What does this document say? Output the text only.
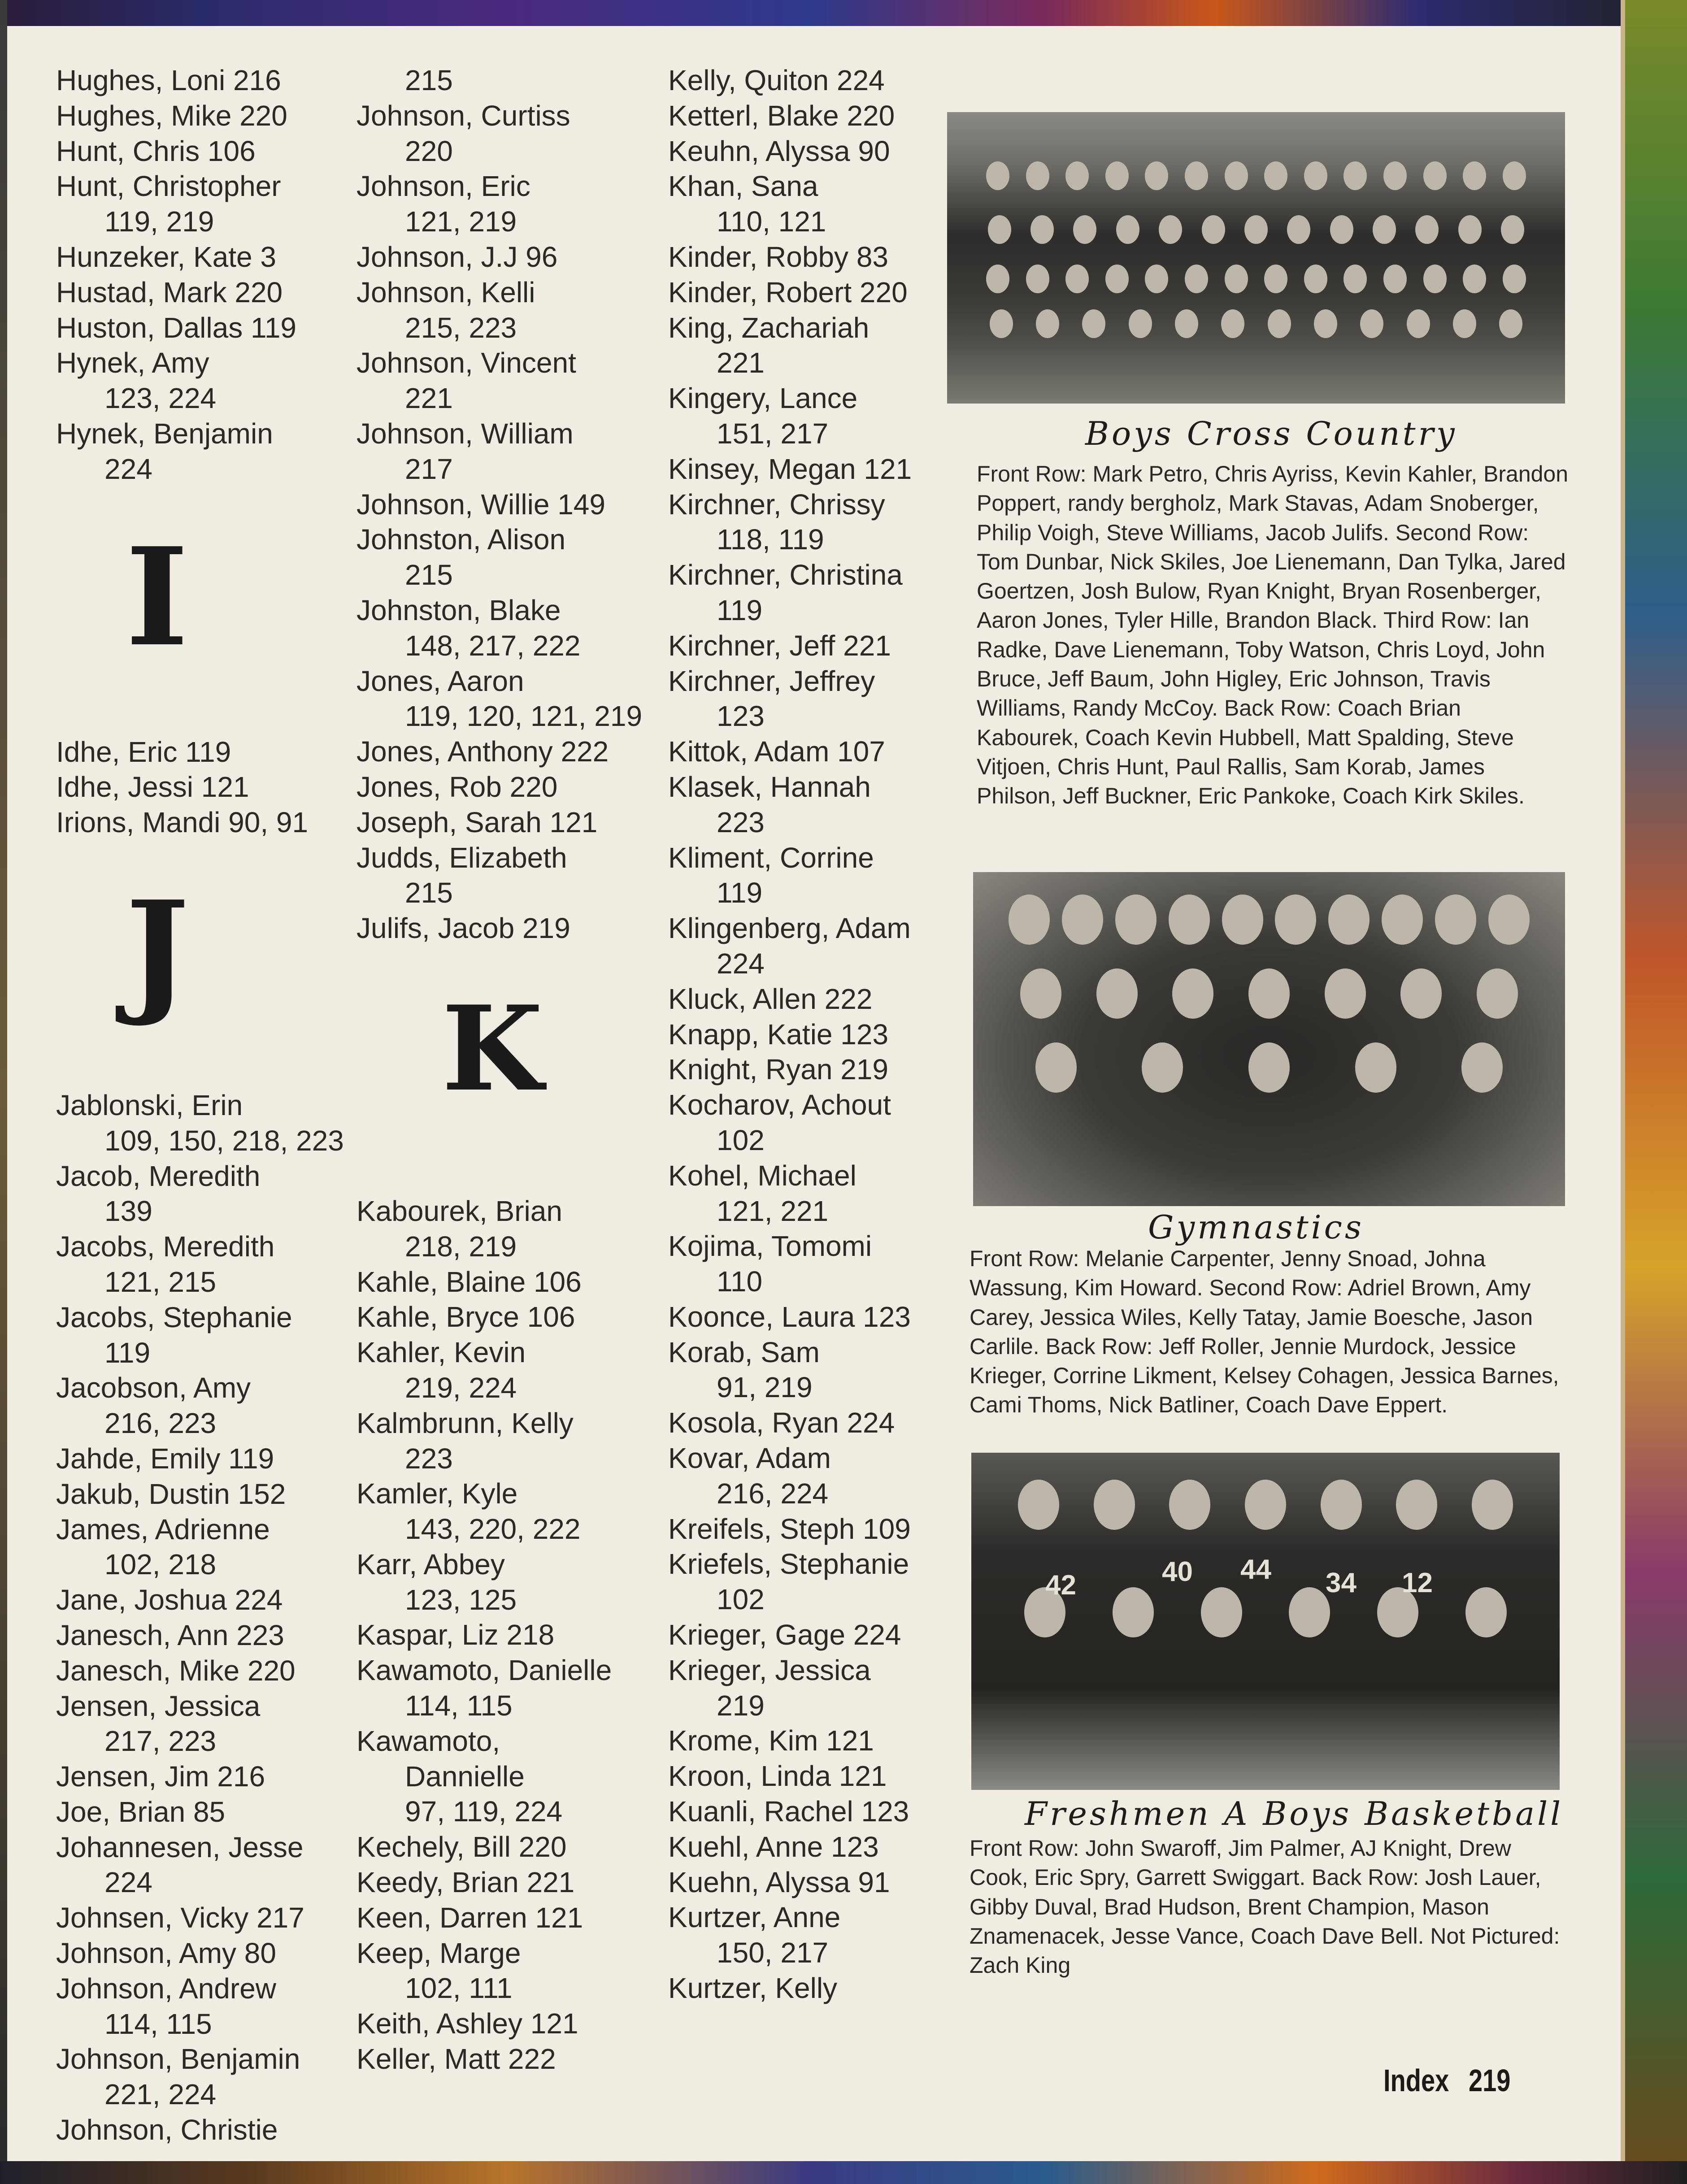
Hughes, Loni 216
Hughes, Mike 220
Hunt, Chris 106
Hunt, Christopher
119, 219
Hunzeker, Kate 3
Hustad, Mark 220
Huston, Dallas 119
Hynek, Amy
123, 224
Hynek, Benjamin
224
I
Idhe, Eric 119
Idhe, Jessi 121
Irions, Mandi 90, 91
J
Jablonski, Erin
109, 150, 218, 223
Jacob, Meredith
139
Jacobs, Meredith
121, 215
Jacobs, Stephanie
119
Jacobson, Amy
216, 223
Jahde, Emily 119
Jakub, Dustin 152
James, Adrienne
102, 218
Jane, Joshua 224
Janesch, Ann 223
Janesch, Mike 220
Jensen, Jessica
217, 223
Jensen, Jim 216
Joe, Brian 85
Johannesen, Jesse
224
Johnsen, Vicky 217
Johnson, Amy 80
Johnson, Andrew
114, 115
Johnson, Benjamin
221, 224
Johnson, Christie
215
Johnson, Curtiss
220
Johnson, Eric
121, 219
Johnson, J.J 96
Johnson, Kelli
215, 223
Johnson, Vincent
221
Johnson, William
217
Johnson, Willie 149
Johnston, Alison
215
Johnston, Blake
148, 217, 222
Jones, Aaron
119, 120, 121, 219
Jones, Anthony 222
Jones, Rob 220
Joseph, Sarah 121
Judds, Elizabeth
215
Julifs, Jacob 219
K
Kabourek, Brian
218, 219
Kahle, Blaine 106
Kahle, Bryce 106
Kahler, Kevin
219, 224
Kalmbrunn, Kelly
223
Kamler, Kyle
143, 220, 222
Karr, Abbey
123, 125
Kaspar, Liz 218
Kawamoto, Danielle
114, 115
Kawamoto,
Dannielle
97, 119, 224
Kechely, Bill 220
Keedy, Brian 221
Keen, Darren 121
Keep, Marge
102, 111
Keith, Ashley 121
Keller, Matt 222
Kelly, Quiton 224
Ketterl, Blake 220
Keuhn, Alyssa 90
Khan, Sana
110, 121
Kinder, Robby 83
Kinder, Robert 220
King, Zachariah
221
Kingery, Lance
151, 217
Kinsey, Megan 121
Kirchner, Chrissy
118, 119
Kirchner, Christina
119
Kirchner, Jeff 221
Kirchner, Jeffrey
123
Kittok, Adam 107
Klasek, Hannah
223
Kliment, Corrine
119
Klingenberg, Adam
224
Kluck, Allen 222
Knapp, Katie 123
Knight, Ryan 219
Kocharov, Achout
102
Kohel, Michael
121, 221
Kojima, Tomomi
110
Koonce, Laura 123
Korab, Sam
91, 219
Kosola, Ryan 224
Kovar, Adam
216, 224
Kreifels, Steph 109
Kriefels, Stephanie
102
Krieger, Gage 224
Krieger, Jessica
219
Krome, Kim 121
Kroon, Linda 121
Kuanli, Rachel 123
Kuehl, Anne 123
Kuehn, Alyssa 91
Kurtzer, Anne
150, 217
Kurtzer, Kelly
Boys Cross Country
Front Row: Mark Petro, Chris Ayriss, Kevin Kahler, Brandon Poppert, randy bergholz, Mark Stavas, Adam Snoberger, Philip Voigh, Steve Williams, Jacob Julifs. Second Row: Tom Dunbar, Nick Skiles, Joe Lienemann, Dan Tylka, Jared Goertzen, Josh Bulow, Ryan Knight, Bryan Rosenberger, Aaron Jones, Tyler Hille, Brandon Black. Third Row: Ian Radke, Dave Lienemann, Toby Watson, Chris Loyd, John Bruce, Jeff Baum, John Higley, Eric Johnson, Travis Williams, Randy McCoy. Back Row: Coach Brian Kabourek, Coach Kevin Hubbell, Matt Spalding, Steve Vitjoen, Chris Hunt, Paul Rallis, Sam Korab, James Philson, Jeff Buckner, Eric Pankoke, Coach Kirk Skiles.
Gymnastics
Front Row: Melanie Carpenter, Jenny Snoad, Johna Wassung, Kim Howard. Second Row: Adriel Brown, Amy Carey, Jessica Wiles, Kelly Tatay, Jamie Boesche, Jason Carlile. Back Row: Jeff Roller, Jennie Murdock, Jessice Krieger, Corrine Likment, Kelsey Cohagen, Jessica Barnes, Cami Thoms, Nick Batliner, Coach Dave Eppert.
42	40 44 34 12
Freshmen A Boys Basketball
Front Row: John Swaroff, Jim Palmer, AJ Knight, Drew Cook, Eric Spry, Garrett Swiggart. Back Row: Josh Lauer, Gibby Duval, Brad Hudson, Brent Champion, Mason Znamenacek, Jesse Vance, Coach Dave Bell. Not Pictured: Zach King
Index 219
